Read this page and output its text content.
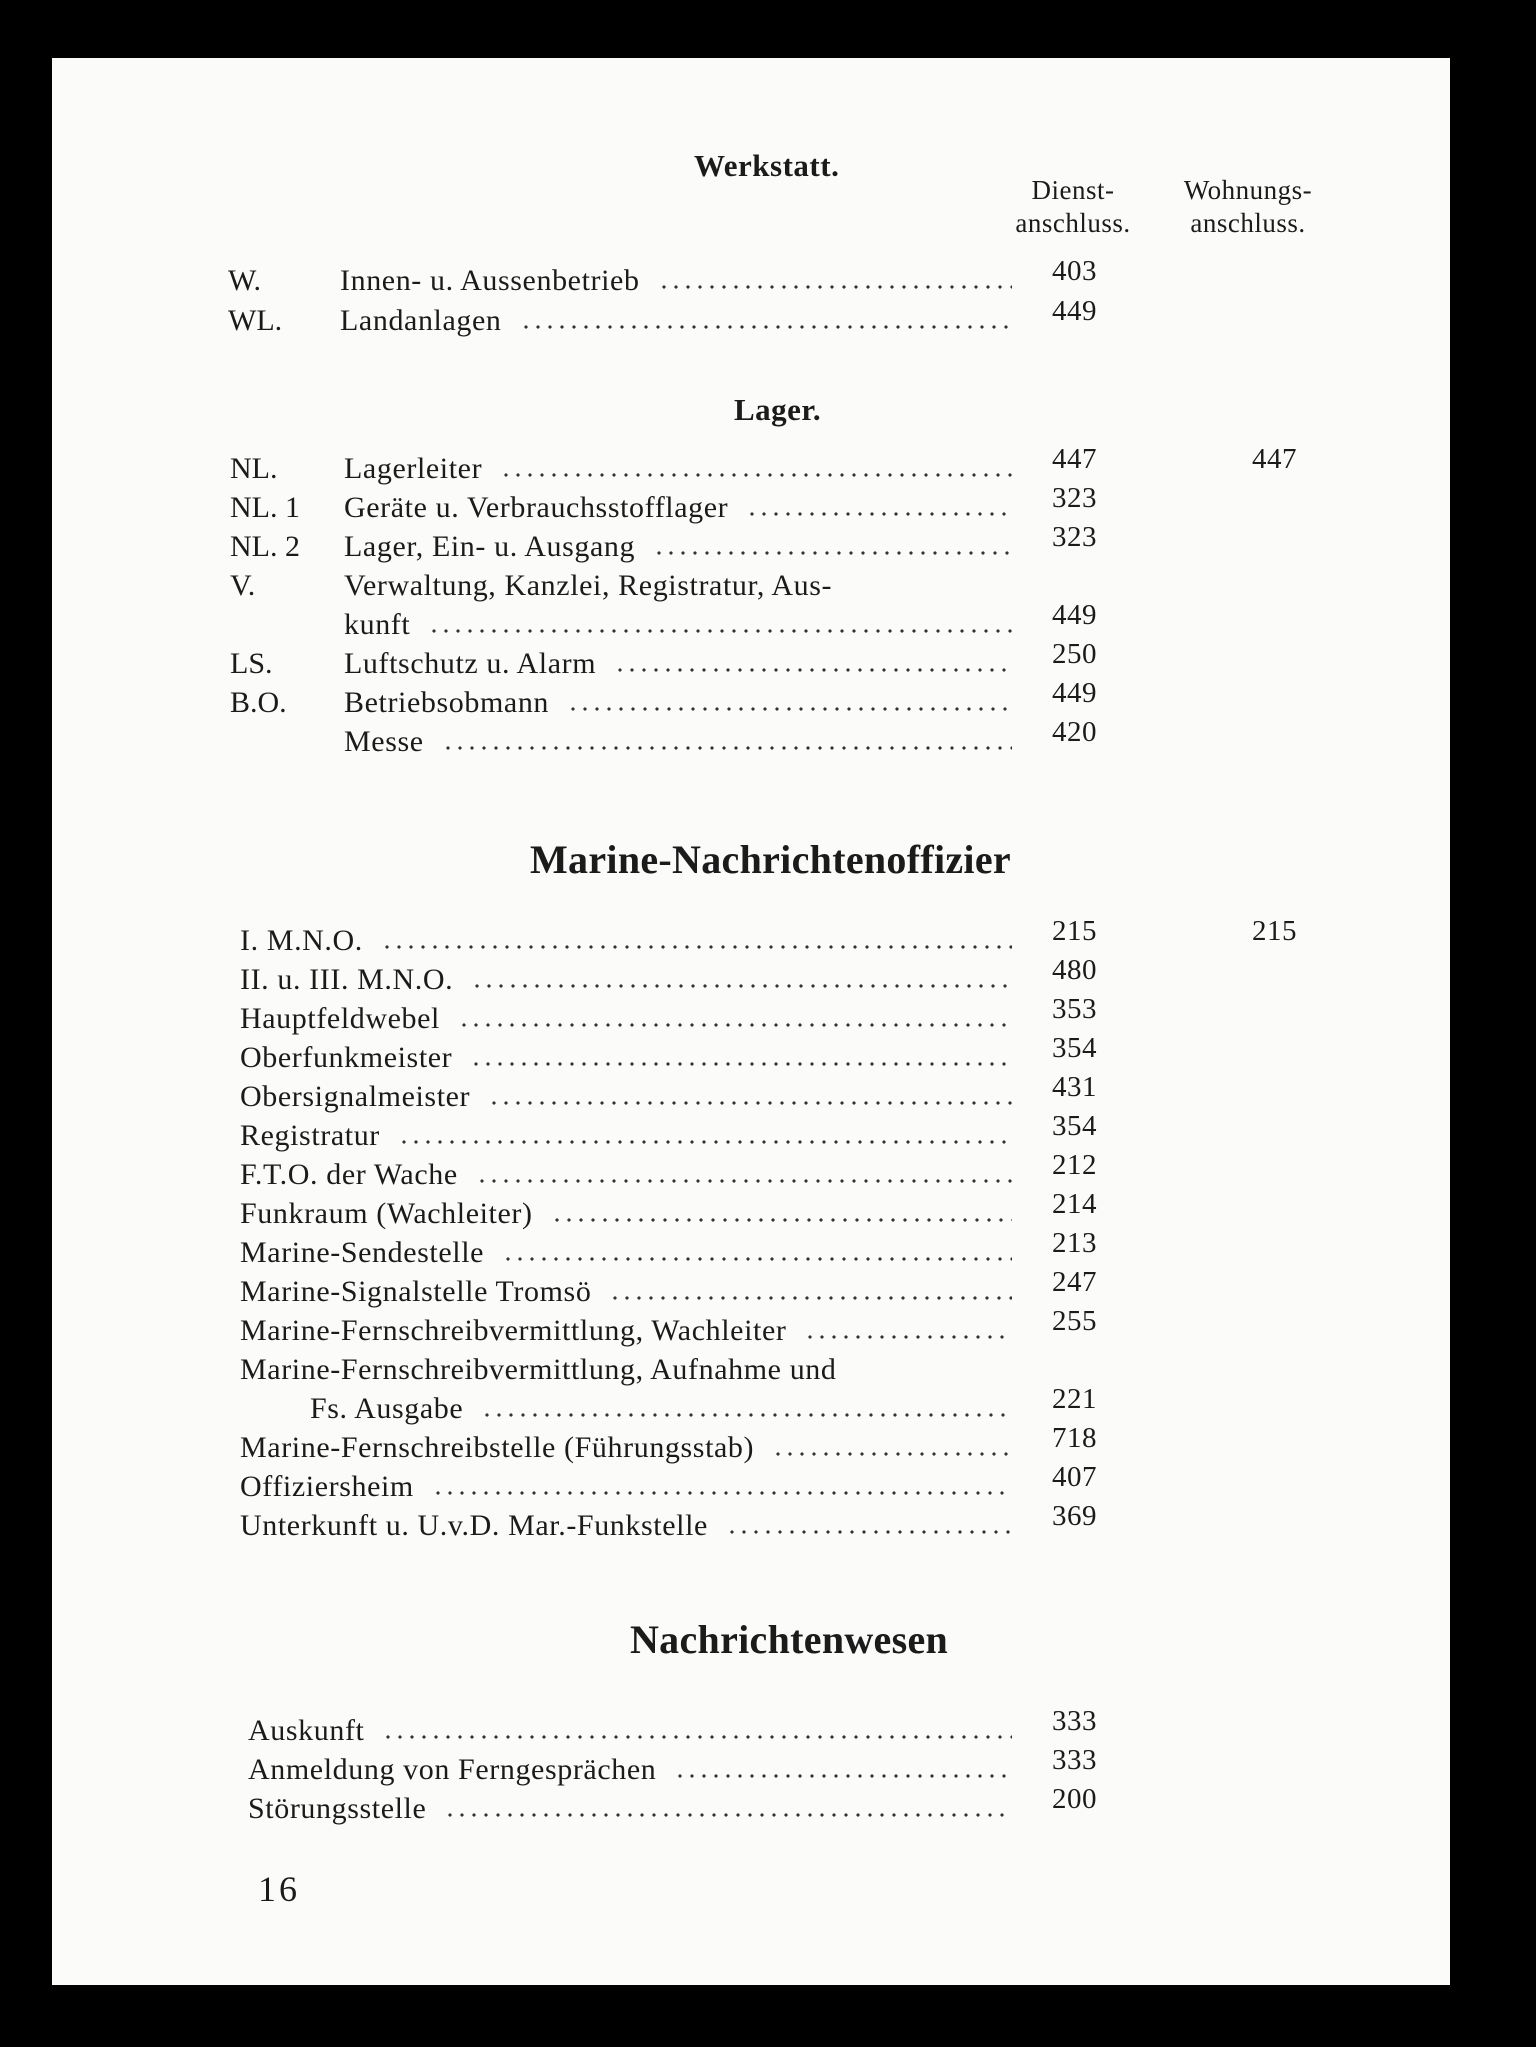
Dienst-
anschluss.
Wohnungs-
anschluss.
Werkstatt.
W.	Innen- u. Aussenbetrieb	403
WL. Landanlagen	449
Lager.
NL. Lagerleiter	447	447
NL. 1 Geräte u. Verbrauchsstofflager	323
NL. 2 Lager, Ein- u. Ausgang	323
V.	Verwaltung, Kanzlei, Registratur, Aus-
kunft	449
LS. Luftschutz u. Alarm	250
B.O. Betriebsobmann	449
Messe	420
Marine-Nachrichtenoffizier
I. M.N.O.	215	215
II. u. III. M.N.O.	480
Hauptfeldwebel	353
Oberfunkmeister	354
Obersignalmeister	431
Registratur	354
F.T.O. der Wache	212
Funkraum (Wachleiter)	214
Marine-Sendestelle	213
Marine-Signalstelle Tromsö	247
Marine-Fernschreibvermittlung, Wachleiter	255
Marine-Fernschreibvermittlung, Aufnahme und
Fs. Ausgabe	221
Marine-Fernschreibstelle (Führungsstab)	718
Offiziersheim	407
Unterkunft u. U.v.D. Mar.-Funkstelle	369
Nachrichtenwesen
Auskunft	333
Anmeldung von Ferngesprächen	333
Störungsstelle	200
16
